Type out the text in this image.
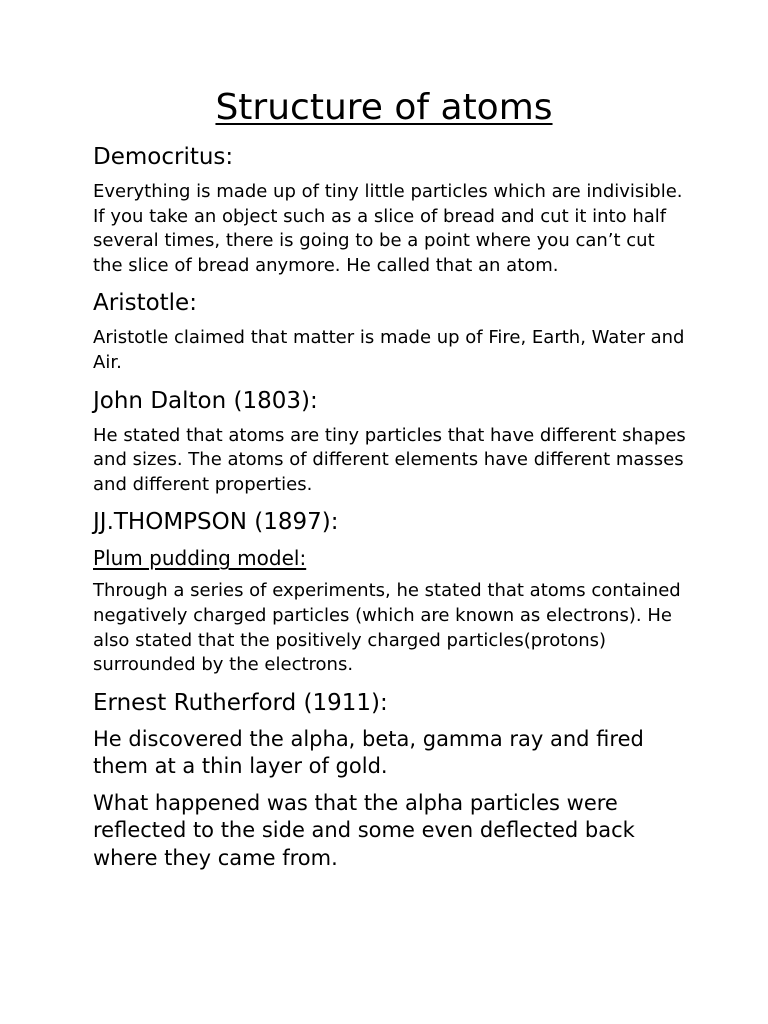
Structure of atoms
Democritus:

Everything is made up of tiny little particles which are indivisible. If you take an object such as a slice of bread and cut it into half several times, there is going to be a point where you can’t cut the slice of bread anymore. He called that an atom.

Aristotle:

Aristotle claimed that matter is made up of Fire, Earth, Water and Air.

John Dalton (1803):

He stated that atoms are tiny particles that have different shapes and sizes. The atoms of different elements have different masses and different properties.

JJ.THOMPSON (1897):
Plum pudding model:

Through a series of experiments, he stated that atoms contained negatively charged particles (which are known as electrons). He also stated that the positively charged particles(protons) surrounded by the electrons.

Ernest Rutherford (1911):

He discovered the alpha, beta, gamma ray and fired them at a thin layer of gold.

What happened was that the alpha particles were reflected to the side and some even deflected back where they came from.
